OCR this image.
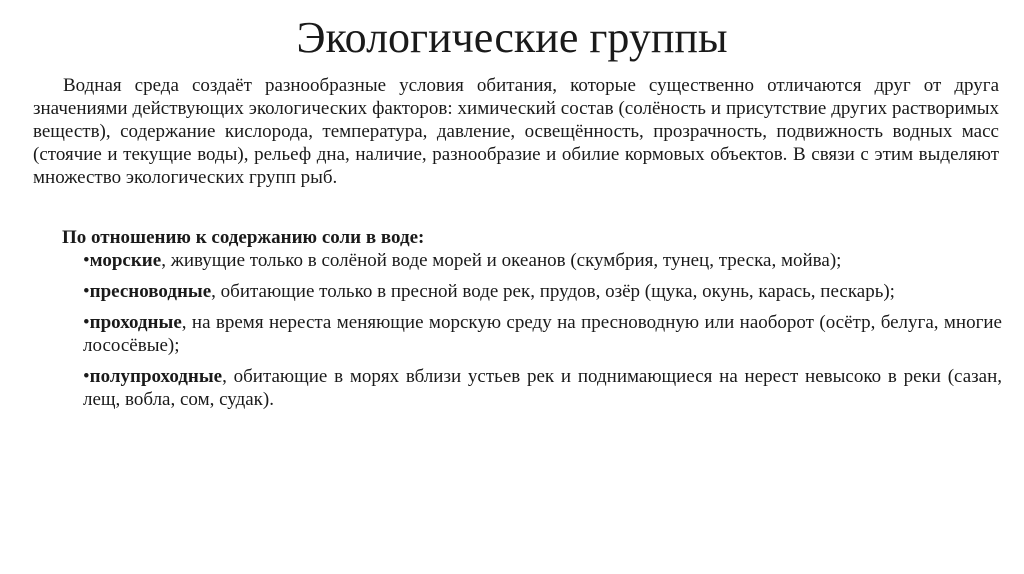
Экологические группы

Водная среда создаёт разнообразные условия обитания, которые существенно отличаются друг от друга значениями действующих экологических факторов: химический состав (солёность и присутствие других растворимых веществ), содержание кислорода, температура, давление, освещённость, прозрачность, подвижность водных масс (стоячие и текущие воды), рельеф дна, наличие, разнообразие и обилие кормовых объектов. В связи с этим выделяют множество экологических групп рыб.

По отношению к содержанию соли в воде:

•морские, живущие только в солёной воде морей и океанов (скумбрия, тунец, треска, мойва);
•пресноводные, обитающие только в пресной воде рек, прудов, озёр (щука, окунь, карась, пескарь);
•проходные, на время нереста меняющие морскую среду на пресноводную или наоборот (осётр, белуга, многие лососёвые);
•полупроходные, обитающие в морях вблизи устьев рек и поднимающиеся на нерест невысоко в реки (сазан, лещ, вобла, сом, судак).
